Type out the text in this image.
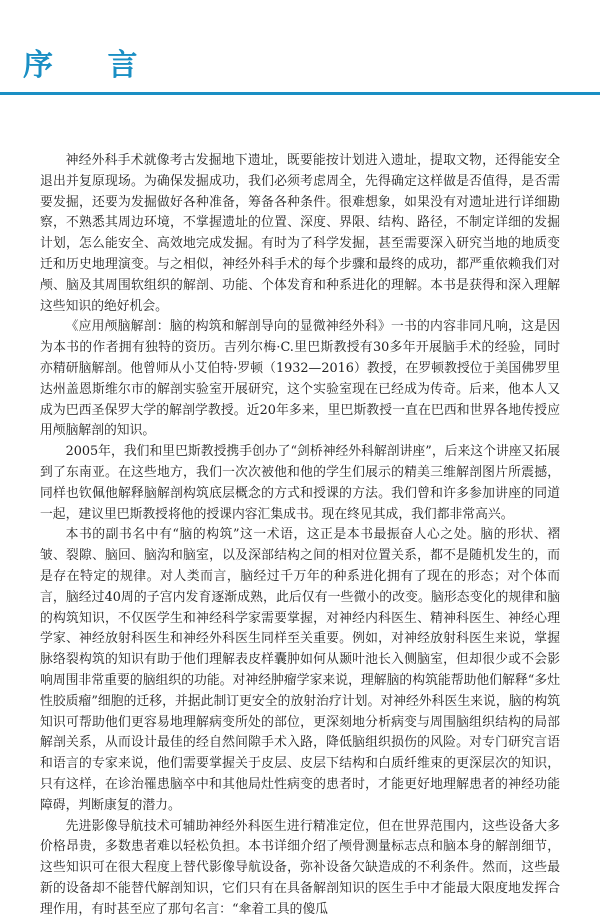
序 言

神经外科手术就像考古发掘地下遗址，既要能按计划进入遗址，提取文物，还得能安全退出并复原现场。为确保发掘成功，我们必须考虑周全，先得确定这样做是否值得，是否需要发掘，还要为发掘做好各种准备，筹备各种条件。很难想象，如果没有对遗址进行详细勘察，不熟悉其周边环境，不掌握遗址的位置、深度、界限、结构、路径，不制定详细的发掘计划，怎么能安全、高效地完成发掘。有时为了科学发掘，甚至需要深入研究当地的地质变迁和历史地理演变。与之相似，神经外科手术的每个步骤和最终的成功，都严重依赖我们对颅、脑及其周围软组织的解剖、功能、个体发育和种系进化的理解。本书是获得和深入理解这些知识的绝好机会。

《应用颅脑解剖：脑的构筑和解剖导向的显微神经外科》一书的内容非同凡响，这是因为本书的作者拥有独特的资历。吉列尔梅·C.里巴斯教授有30多年开展脑手术的经验，同时亦精研脑解剖。他曾师从小艾伯特·罗顿（1932—2016）教授，在罗顿教授位于美国佛罗里达州盖恩斯维尔市的解剖实验室开展研究，这个实验室现在已经成为传奇。后来，他本人又成为巴西圣保罗大学的解剖学教授。近20年多来，里巴斯教授一直在巴西和世界各地传授应用颅脑解剖的知识。

2005年，我们和里巴斯教授携手创办了“剑桥神经外科解剖讲座”，后来这个讲座又拓展到了东南亚。在这些地方，我们一次次被他和他的学生们展示的精美三维解剖图片所震撼，同样也钦佩他解释脑解剖构筑底层概念的方式和授课的方法。我们曾和许多参加讲座的同道一起，建议里巴斯教授将他的授课内容汇集成书。现在终见其成，我们都非常高兴。

本书的副书名中有“脑的构筑”这一术语，这正是本书最振奋人心之处。脑的形状、褶皱、裂隙、脑回、脑沟和脑室，以及深部结构之间的相对位置关系，都不是随机发生的，而是存在特定的规律。对人类而言，脑经过千万年的种系进化拥有了现在的形态；对个体而言，脑经过40周的子宫内发育逐渐成熟，此后仅有一些微小的改变。脑形态变化的规律和脑的构筑知识，不仅医学生和神经科学家需要掌握，对神经内科医生、精神科医生、神经心理学家、神经放射科医生和神经外科医生同样至关重要。例如，对神经放射科医生来说，掌握脉络裂构筑的知识有助于他们理解表皮样囊肿如何从颞叶池长入侧脑室，但却很少或不会影响周围非常重要的脑组织的功能。对神经肿瘤学家来说，理解脑的构筑能帮助他们解释“多灶性胶质瘤”细胞的迁移，并据此制订更安全的放射治疗计划。对神经外科医生来说，脑的构筑知识可帮助他们更容易地理解病变所处的部位，更深刻地分析病变与周围脑组织结构的局部解剖关系，从而设计最佳的经自然间隙手术入路，降低脑组织损伤的风险。对专门研究言语和语言的专家来说，他们需要掌握关于皮层、皮层下结构和白质纤维束的更深层次的知识，只有这样，在诊治罹患脑卒中和其他局灶性病变的患者时，才能更好地理解患者的神经功能障碍，判断康复的潜力。

先进影像导航技术可辅助神经外科医生进行精准定位，但在世界范围内，这些设备大多价格昂贵，多数患者难以轻松负担。本书详细介绍了颅骨测量标志点和脑本身的解剖细节，这些知识可在很大程度上替代影像导航设备，弥补设备欠缺造成的不利条件。然而，这些最新的设备却不能替代解剖知识，它们只有在具备解剖知识的医生手中才能最大限度地发挥合理作用，有时甚至应了那句名言：“傘着工具的傻瓜
